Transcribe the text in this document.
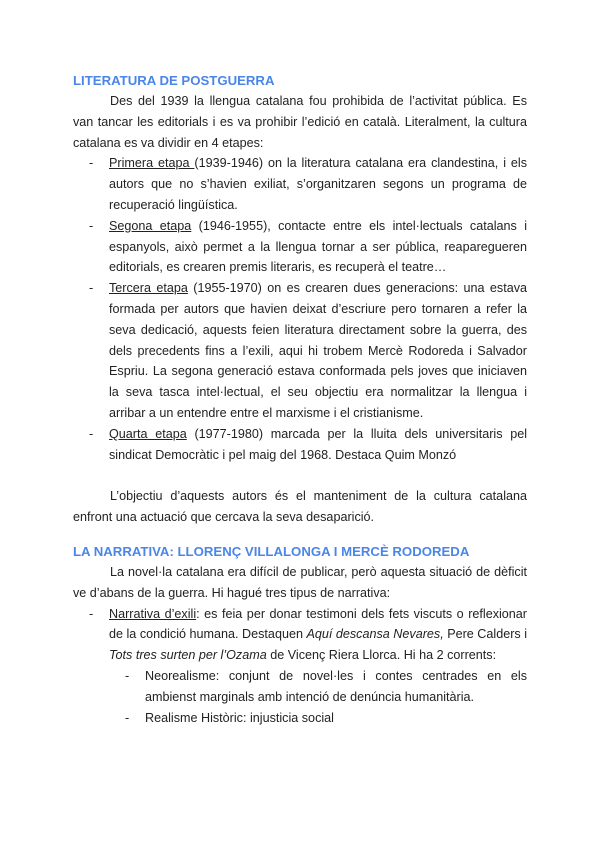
LITERATURA DE POSTGUERRA

Des del 1939 la llengua catalana fou prohibida de l’activitat pública. Es van tancar les editorials i es va prohibir l’edició en català. Literalment, la cultura catalana es va dividir en 4 etapes:

- Primera etapa (1939-1946) on la literatura catalana era clandestina, i els autors que no s’havien exiliat, s’organitzaren segons un programa de recuperació lingüística.
- Segona etapa (1946-1955), contacte entre els intel·lectuals catalans i espanyols, això permet a la llengua tornar a ser pública, reaparegueren editorials, es crearen premis literaris, es recuperà el teatre…
- Tercera etapa (1955-1970) on es crearen dues generacions: una estava formada per autors que havien deixat d’escriure pero tornaren a refer la seva dedicació, aquests feien literatura directament sobre la guerra, des dels precedents fins a l’exili, aqui hi trobem Mercè Rodoreda i Salvador Espriu. La segona generació estava conformada pels joves que iniciaven la seva tasca intel·lectual, el seu objectiu era normalitzar la llengua i arribar a un entendre entre el marxisme i el cristianisme.
- Quarta etapa (1977-1980) marcada per la lluita dels universitaris pel sindicat Democràtic i pel maig del 1968. Destaca Quim Monzó

L’objectiu d’aquests autors és el manteniment de la cultura catalana enfront una actuació que cercava la seva desaparició.

LA NARRATIVA: LLORENÇ VILLALONGA I MERCÈ RODOREDA

La novel·la catalana era difícil de publicar, però aquesta situació de dèficit ve d’abans de la guerra. Hi hagué tres tipus de narrativa:

- Narrativa d’exili: es feia per donar testimoni dels fets viscuts o reflexionar de la condició humana. Destaquen Aquí descansa Nevares, Pere Calders i Tots tres surten per l’Ozama de Vicenç Riera Llorca. Hi ha 2 corrents:
- Neorealisme: conjunt de novel·les i contes centrades en els ambienst marginals amb intenció de denúncia humanitària.
- Realisme Històric: injusticia social
